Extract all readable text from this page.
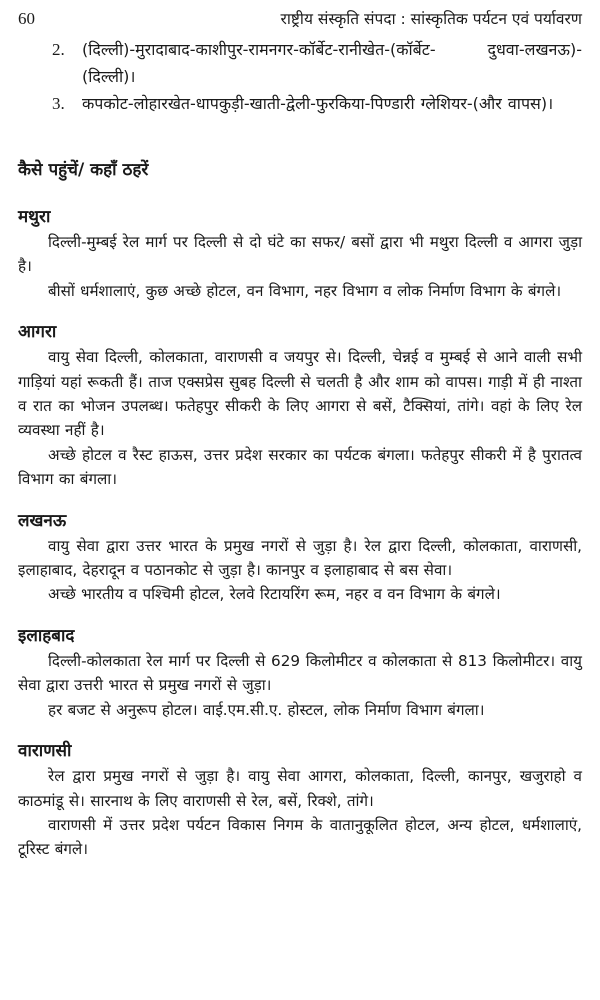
60	राष्ट्रीय संस्कृति संपदा : सांस्कृतिक पर्यटन एवं पर्यावरण
2. (दिल्ली)-मुरादाबाद-काशीपुर-रामनगर-कॉर्बेट-रानीखेत-(कॉर्बेट- दुधवा-लखनऊ)-(दिल्ली)।
3. कपकोट-लोहारखेत-धापकुड़ी-खाती-द्वेली-फुरकिया-पिण्डारी ग्लेशियर-(और वापस)।
कैसे पहुंचें/ कहाँ ठहरें
मथुरा

दिल्ली-मुम्बई रेल मार्ग पर दिल्ली से दो घंटे का सफर/ बसों द्वारा भी मथुरा दिल्ली व आगरा जुड़ा है।

बीसों धर्मशालाएं, कुछ अच्छे होटल, वन विभाग, नहर विभाग व लोक निर्माण विभाग के बंगले।

आगरा

वायु सेवा दिल्ली, कोलकाता, वाराणसी व जयपुर से। दिल्ली, चेन्नई व मुम्बई से आने वाली सभी गाड़ियां यहां रूकती हैं। ताज एक्सप्रेस सुबह दिल्ली से चलती है और शाम को वापस। गाड़ी में ही नाश्ता व रात का भोजन उपलब्ध। फतेहपुर सीकरी के लिए आगरा से बसें, टैक्सियां, तांगे। वहां के लिए रेल व्यवस्था नहीं है।

अच्छे होटल व रैस्ट हाऊस, उत्तर प्रदेश सरकार का पर्यटक बंगला। फतेहपुर सीकरी में है पुरातत्व विभाग का बंगला।

लखनऊ

वायु सेवा द्वारा उत्तर भारत के प्रमुख नगरों से जुड़ा है। रेल द्वारा दिल्ली, कोलकाता, वाराणसी, इलाहाबाद, देहरादून व पठानकोट से जुड़ा है। कानपुर व इलाहाबाद से बस सेवा।

अच्छे भारतीय व पश्चिमी होटल, रेलवे रिटायरिंग रूम, नहर व वन विभाग के बंगले।

इलाहबाद

दिल्ली-कोलकाता रेल मार्ग पर दिल्ली से 629 किलोमीटर व कोलकाता से 813 किलोमीटर। वायु सेवा द्वारा उत्तरी भारत से प्रमुख नगरों से जुड़ा।

हर बजट से अनुरूप होटल। वाई.एम.सी.ए. होस्टल, लोक निर्माण विभाग बंगला।

वाराणसी

रेल द्वारा प्रमुख नगरों से जुड़ा है। वायु सेवा आगरा, कोलकाता, दिल्ली, कानपुर, खजुराहो व काठमांडू से। सारनाथ के लिए वाराणसी से रेल, बसें, रिक्शे, तांगे।

वाराणसी में उत्तर प्रदेश पर्यटन विकास निगम के वातानुकूलित होटल, अन्य होटल, धर्मशालाएं, टूरिस्ट बंगले।
